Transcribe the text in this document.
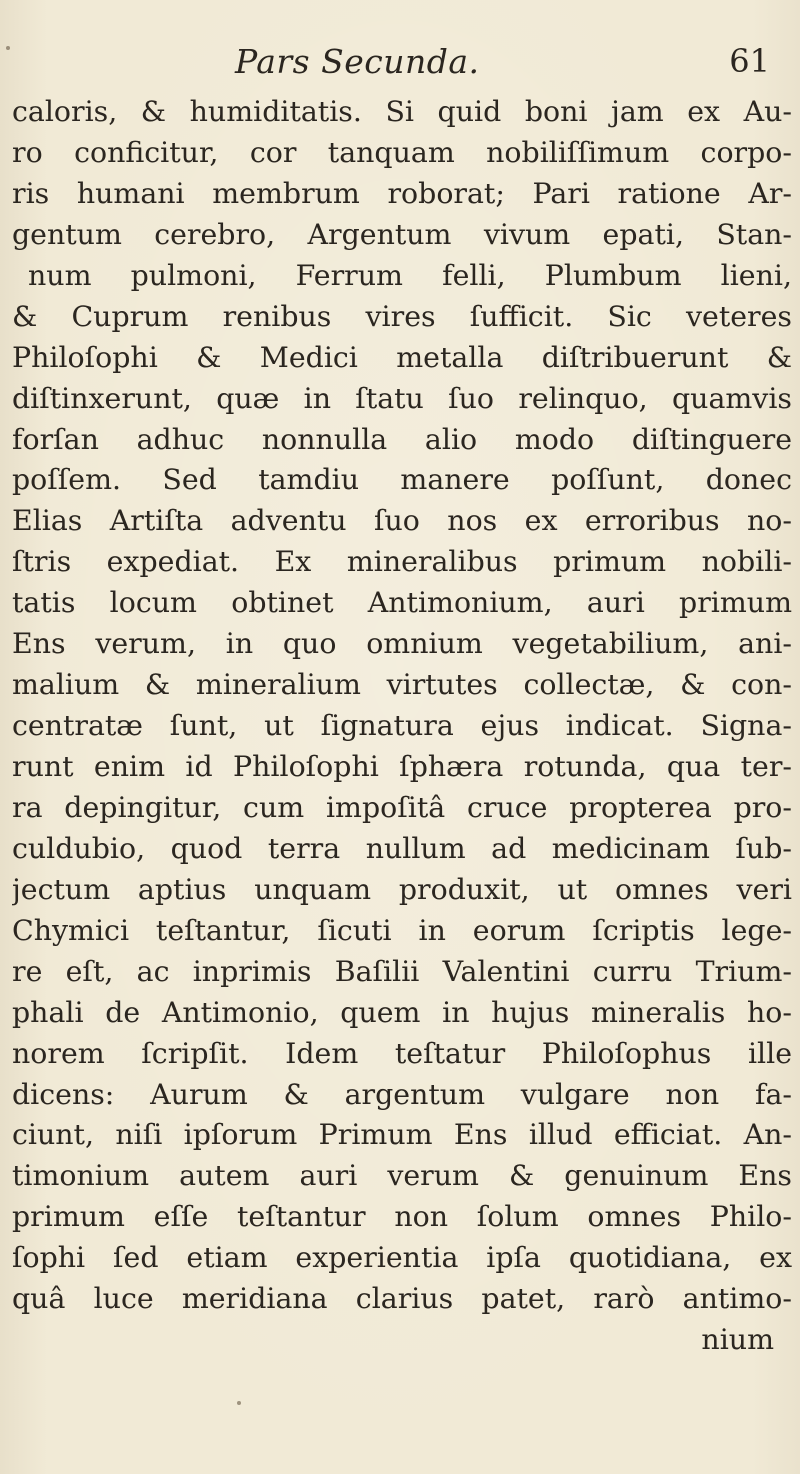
Pars Secunda.	61
caloris, & humiditatis. Si quid boni jam ex Au-
ro conficitur, cor tanquam nobiliſſimum corpo-
ris humani membrum roborat; Pari ratione Ar-
gentum cerebro, Argentum vivum epati, Stan-
num pulmoni, Ferrum felli, Plumbum lieni,
& Cuprum renibus vires ſufficit. Sic veteres
Philoſophi & Medici metalla diſtribuerunt &
diſtinxerunt, quæ in ſtatu ſuo relinquo, quamvis
forſan adhuc nonnulla alio modo diſtinguere
poſſem. Sed tamdiu manere poſſunt, donec
Elias Artiſta adventu ſuo nos ex erroribus no-
ſtris expediat. Ex mineralibus primum nobili-
tatis locum obtinet Antimonium, auri primum
Ens verum, in quo omnium vegetabilium, ani-
malium & mineralium virtutes collectæ, & con-
centratæ ſunt, ut ſignatura ejus indicat. Signa-
runt enim id Philoſophi ſphæra rotunda, qua ter-
ra depingitur, cum impoſitâ cruce propterea pro-
culdubio, quod terra nullum ad medicinam ſub-
jectum aptius unquam produxit, ut omnes veri
Chymici teſtantur, ſicuti in eorum ſcriptis lege-
re eſt, ac inprimis Baſilii Valentini curru Trium-
phali de Antimonio, quem in hujus mineralis ho-
norem ſcripſit. Idem teſtatur Philoſophus ille
dicens: Aurum & argentum vulgare non fa-
ciunt, niſi ipſorum Primum Ens illud efficiat. An-
timonium autem auri verum & genuinum Ens
primum eſſe teſtantur non ſolum omnes Philo-
ſophi ſed etiam experientia ipſa quotidiana, ex
quâ luce meridiana clarius patet, rarò antimo-
nium
